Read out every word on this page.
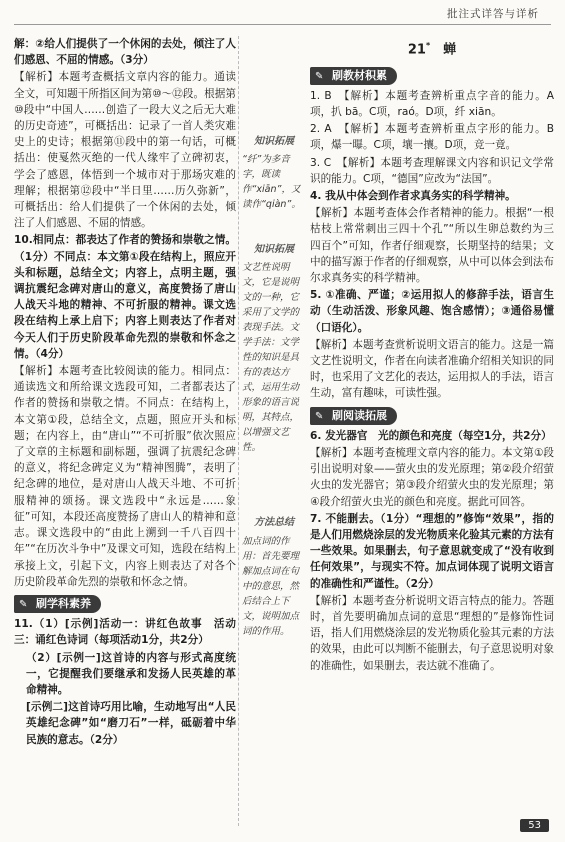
批注式详答与详析

解：②给人们提供了一个休闲的去处，倾注了人们感恩、不屈的情感。（3分）

【解析】本题考查概括文章内容的能力。通读全文，可知题干所指区间为第⑩～⑫段。根据第⑩段中“中国人……创造了一段大义之后无大难的历史奇迹”，可概括出：记录了一首人类灾难史上的史诗；根据第⑪段中的第一句话，可概括出：使戛然灭绝的一代人缘牢了立碑初衷，学会了感恩，体悟到一个城市对于那场灾难的理解；根据第⑫段中“半日里……历久弥新”，可概括出：给人们提供了一个休闲的去处，倾注了人们感恩、不屈的情感。

10.相同点：都表达了作者的赞扬和崇敬之情。（1分）不同点：本文第①段在结构上，照应开头和标题，总结全文；内容上，点明主题，强调抗震纪念碑对唐山的意义，高度赞扬了唐山人战天斗地的精神、不可折服的精神。课文选段在结构上承上启下；内容上则表达了作者对今天人们于历史阶段革命先烈的崇敬和怀念之情。（4分）

【解析】本题考查比较阅读的能力。相同点：通读选文和所给课文选段可知，二者都表达了作者的赞扬和崇敬之情。不同点：在结构上，本文第①段，总结全文，点题，照应开头和标题；在内容上，由“唐山”“不可折服”依次照应了文章的主标题和副标题，强调了抗震纪念碑的意义，将纪念碑定义为“精神图腾”，表明了纪念碑的地位，是对唐山人战天斗地、不可折服精神的颂扬。课文选段中“永远是……象征”可知，本段还高度赞扬了唐山人的精神和意志。课文选段中的“由此上溯到一千八百四十年”“在历次斗争中”及课文可知，选段在结构上承接上文，引起下文，内容上则表达了对各个历史阶段革命先烈的崇敬和怀念之情。

✎ 刷学科素养

11.（1）[示例]活动一：讲红色故事　活动三：诵红色诗词（每项活动1分，共2分）

（2）[示例一]这首诗的内容与形式高度统一，它提醒我们要继承和发扬人民英雄的革命精神。

[示例二]这首诗巧用比喻，生动地写出“人民英雄纪念碑”如“磨刀石”一样，砥砺着中华民族的意志。（2分）

知识拓展
“纤”为多音字，既读作“xiān”，又读作“qiàn”。
知识拓展
文艺性说明文，它是说明文的一种，它采用了文学的表现手法。文学手法：文学性的知识是具有的表达方式，运用生动形象的语言说明，其特点，以增强文艺性。
方法总结
加点词的作用：首先要理解加点词在句中的意思，然后结合上下文，说明加点词的作用。
21*　 蝉
✎ 刷教材积累

1. B　【解析】本题考查辨析重点字音的能力。A项，扒 bā。C项，raó。D项，纤 xiān。

2. A　【解析】本题考查辨析重点字形的能力。B项，爆一曝。C项，壤一攘。D项，竞一竟。

3. C　【解析】本题考查理解课文内容和识记文学常识的能力。C项，“德国”应改为“法国”。

4. 我从中体会到作者求真务实的科学精神。

【解析】本题考查体会作者精神的能力。根据“一根枯枝上常常刺出三四十个孔”“所以生卵总数约为三四百个”可知，作者仔细观察，长期坚持的结果；文中的描写源于作者的仔细观察，从中可以体会到法布尔求真务实的科学精神。

5. ①准确、严谨；②运用拟人的修辞手法，语言生动（生动活泼、形象风趣、饱含感情）；③通俗易懂（口语化）。

【解析】本题考查赏析说明文语言的能力。这是一篇文艺性说明文，作者在向读者准确介绍相关知识的同时，也采用了文艺化的表达，运用拟人的手法，语言生动，富有趣味，可读性强。

✎ 刷阅读拓展

6. 发光器官　光的颜色和亮度（每空1分，共2分）

【解析】本题考查梳理文章内容的能力。本文第①段引出说明对象——萤火虫的发光原理；第②段介绍萤火虫的发光器官；第③段介绍萤火虫的发光原理；第④段介绍萤火虫光的颜色和亮度。据此可回答。

7. 不能删去。（1分）“理想的”修饰“效果”，指的是人们用燃烧涂层的发光物质来化验其元素的方法有一些效果。如果删去，句子意思就变成了“没有收到任何效果”，与现实不符。加点词体现了说明文语言的准确性和严谨性。（2分）

【解析】本题考查分析说明文语言特点的能力。答题时，首先要明确加点词的意思“理想的”是修饰性词语，指人们用燃烧涂层的发光物质化验其元素的方法的效果，由此可以判断不能删去，句子意思说明对象的准确性，如果删去，表达就不准确了。

53
